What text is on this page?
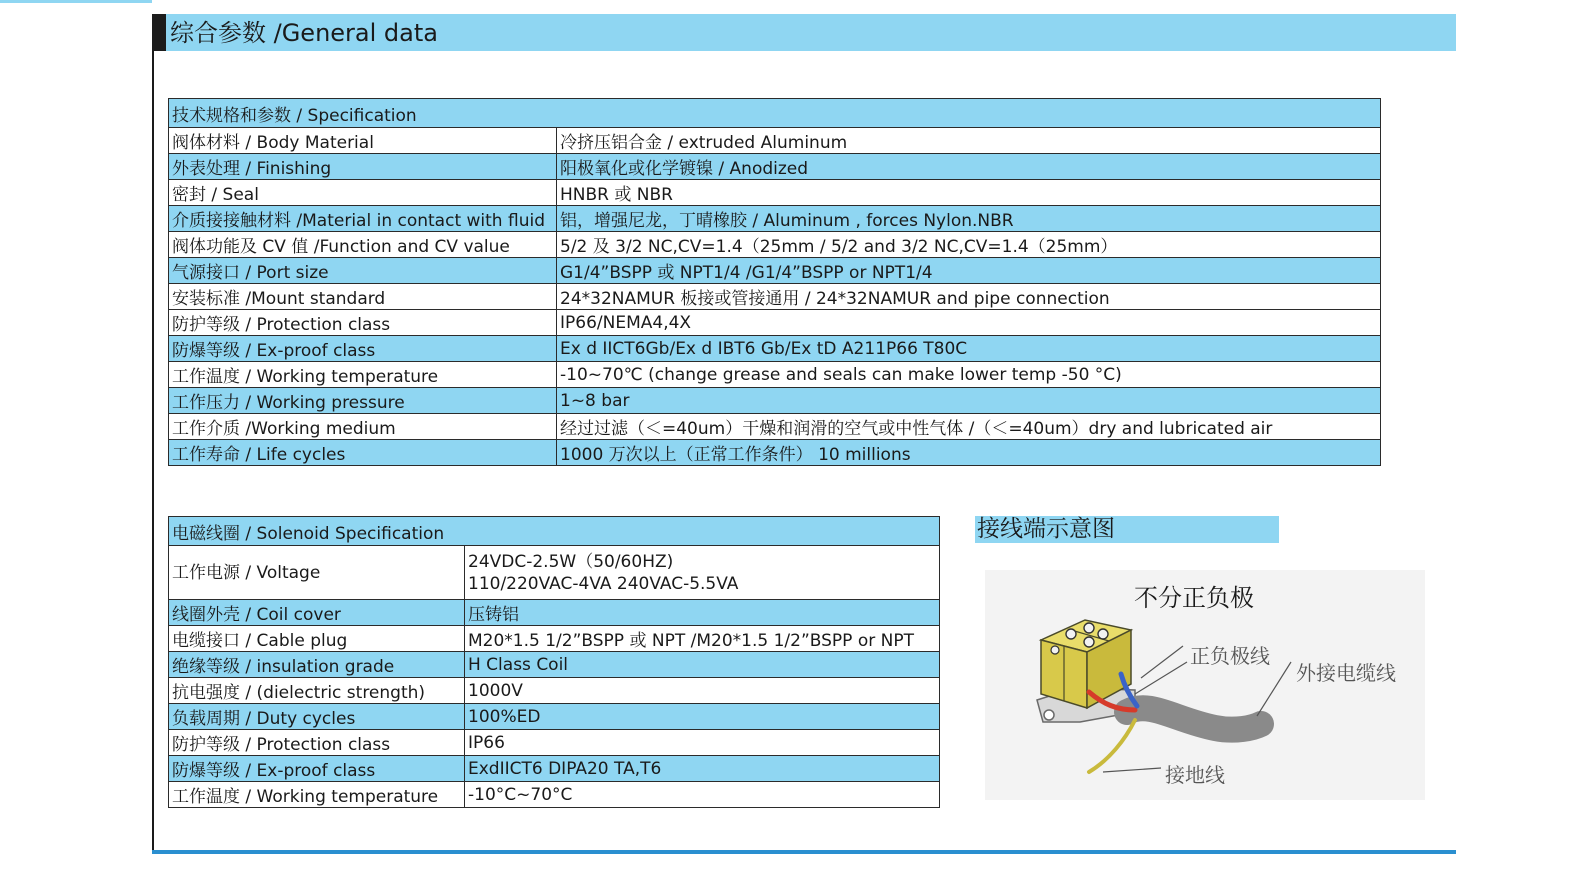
综合参数 /General data
技术规格和参数 / Specification	
阀体材料 / Body Material	冷挤压铝合金 / extruded Aluminum
外表处理 / Finishing	阳极氧化或化学镀镍 / Anodized
密封 / Seal	HNBR 或 NBR
介质接接触材料 /Material in contact with fluid	铝，增强尼龙，丁晴橡胶 / Aluminum , forces Nylon.NBR
阀体功能及 CV 值 /Function and CV value	5/2 及 3/2 NC,CV=1.4（25mm / 5/2 and 3/2 NC,CV=1.4（25mm）
气源接口 / Port size	G1/4”BSPP 或 NPT1/4 /G1/4”BSPP or NPT1/4
安装标准 /Mount standard	24*32NAMUR 板接或管接通用 / 24*32NAMUR and pipe connection
防护等级 / Protection class	IP66/NEMA4,4X
防爆等级 / Ex-proof class	Ex d IICT6Gb/Ex d IBT6 Gb/Ex tD A211P66 T80C
工作温度 / Working temperature	-10~70℃ (change grease and seals can make lower temp -50 °C)
工作压力 / Working pressure	1~8 bar
工作介质 /Working medium	经过过滤（＜=40um）干燥和润滑的空气或中性气体 /（＜=40um）dry and lubricated air
工作寿命 / Life cycles	1000 万次以上（正常工作条件） 10 millions
电磁线圈 / Solenoid Specification	
工作电源 / Voltage	24VDC-2.5W（50/60HZ)
110/220VAC-4VA 240VAC-5.5VA

线圈外壳 / Coil cover	压铸铝
电缆接口 / Cable plug	M20*1.5 1/2”BSPP 或 NPT /M20*1.5 1/2”BSPP or NPT
绝缘等级 / insulation grade	H Class Coil
抗电强度 / (dielectric strength)	1000V
负载周期 / Duty cycles	100%ED
防护等级 / Protection class	IP66
防爆等级 / Ex-proof class	ExdIICT6 DIPA20 TA,T6
工作温度 / Working temperature	-10°C~70°C
接线端示意图
不分正负极
正负极线
外接电缆线
接地线
